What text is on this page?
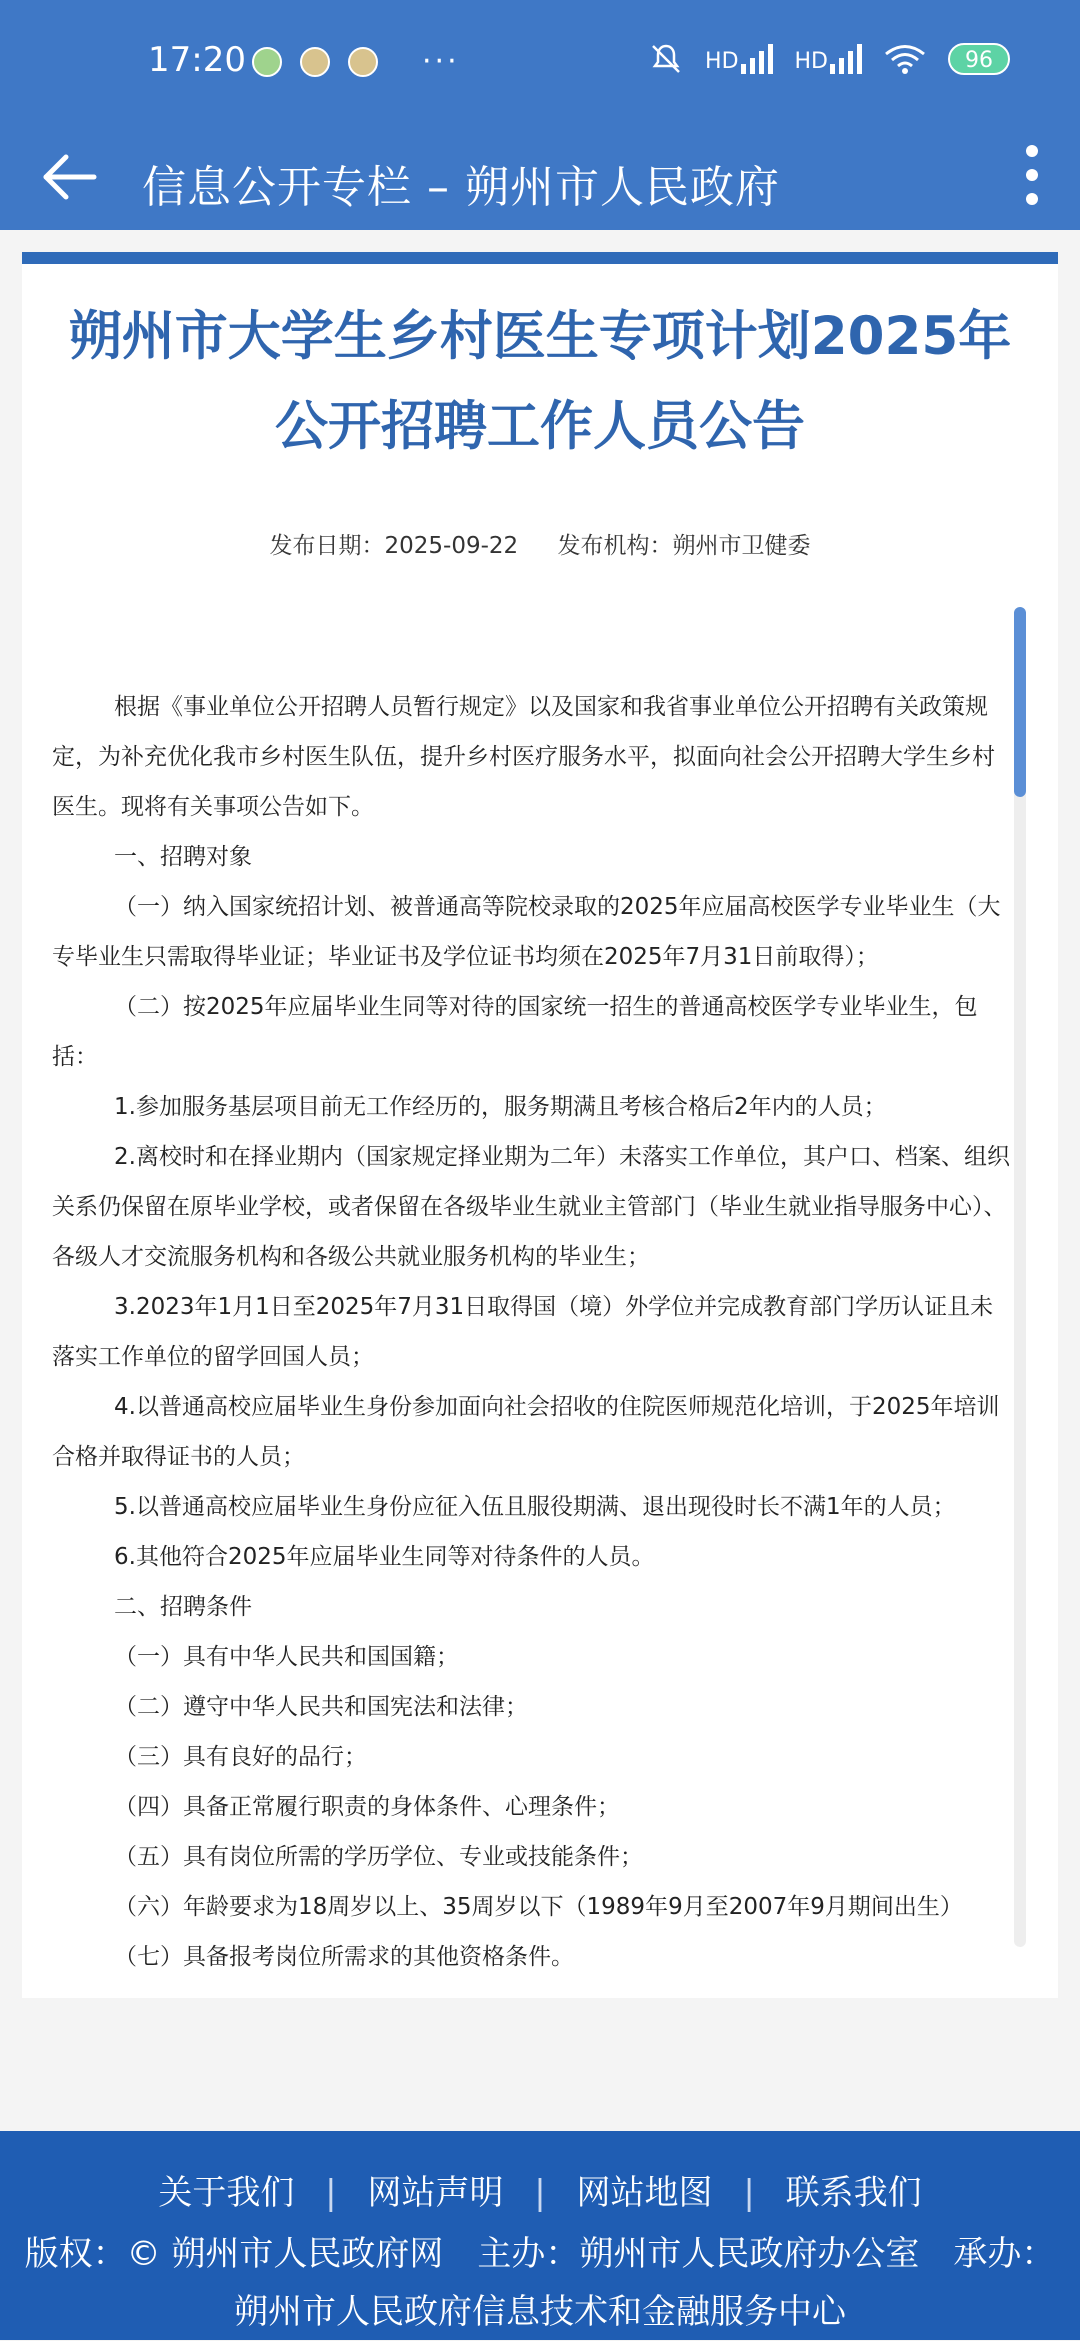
17:20	···	HD	HD	96
信息公开专栏 – 朔州市人民政府
朔州市大学生乡村医生专项计划2025年公开招聘工作人员公告
发布日期：2025-09-22 发布机构：朔州市卫健委

根据《事业单位公开招聘人员暂行规定》以及国家和我省事业单位公开招聘有关政策规定，为补充优化我市乡村医生队伍，提升乡村医疗服务水平，拟面向社会公开招聘大学生乡村医生。现将有关事项公告如下。

一、招聘对象

（一）纳入国家统招计划、被普通高等院校录取的2025年应届高校医学专业毕业生（大专毕业生只需取得毕业证；毕业证书及学位证书均须在2025年7月31日前取得）；

（二）按2025年应届毕业生同等对待的国家统一招生的普通高校医学专业毕业生，包括：

1.参加服务基层项目前无工作经历的，服务期满且考核合格后2年内的人员；

2.离校时和在择业期内（国家规定择业期为二年）未落实工作单位，其户口、档案、组织关系仍保留在原毕业学校，或者保留在各级毕业生就业主管部门（毕业生就业指导服务中心）、各级人才交流服务机构和各级公共就业服务机构的毕业生；

3.2023年1月1日至2025年7月31日取得国（境）外学位并完成教育部门学历认证且未落实工作单位的留学回国人员；

4.以普通高校应届毕业生身份参加面向社会招收的住院医师规范化培训，于2025年培训合格并取得证书的人员；

5.以普通高校应届毕业生身份应征入伍且服役期满、退出现役时长不满1年的人员；

6.其他符合2025年应届毕业生同等对待条件的人员。

二、招聘条件

（一）具有中华人民共和国国籍；

（二）遵守中华人民共和国宪法和法律；

（三）具有良好的品行；

（四）具备正常履行职责的身体条件、心理条件；

（五）具有岗位所需的学历学位、专业或技能条件；

（六）年龄要求为18周岁以上、35周岁以下（1989年9月至2007年9月期间出生）

（七）具备报考岗位所需求的其他资格条件。

关于我们 | 网站声明 | 网站地图 | 联系我们
版权：© 朔州市人民政府网　主办：朔州市人民政府办公室　承办：朔州市人民政府信息技术和金融服务中心
